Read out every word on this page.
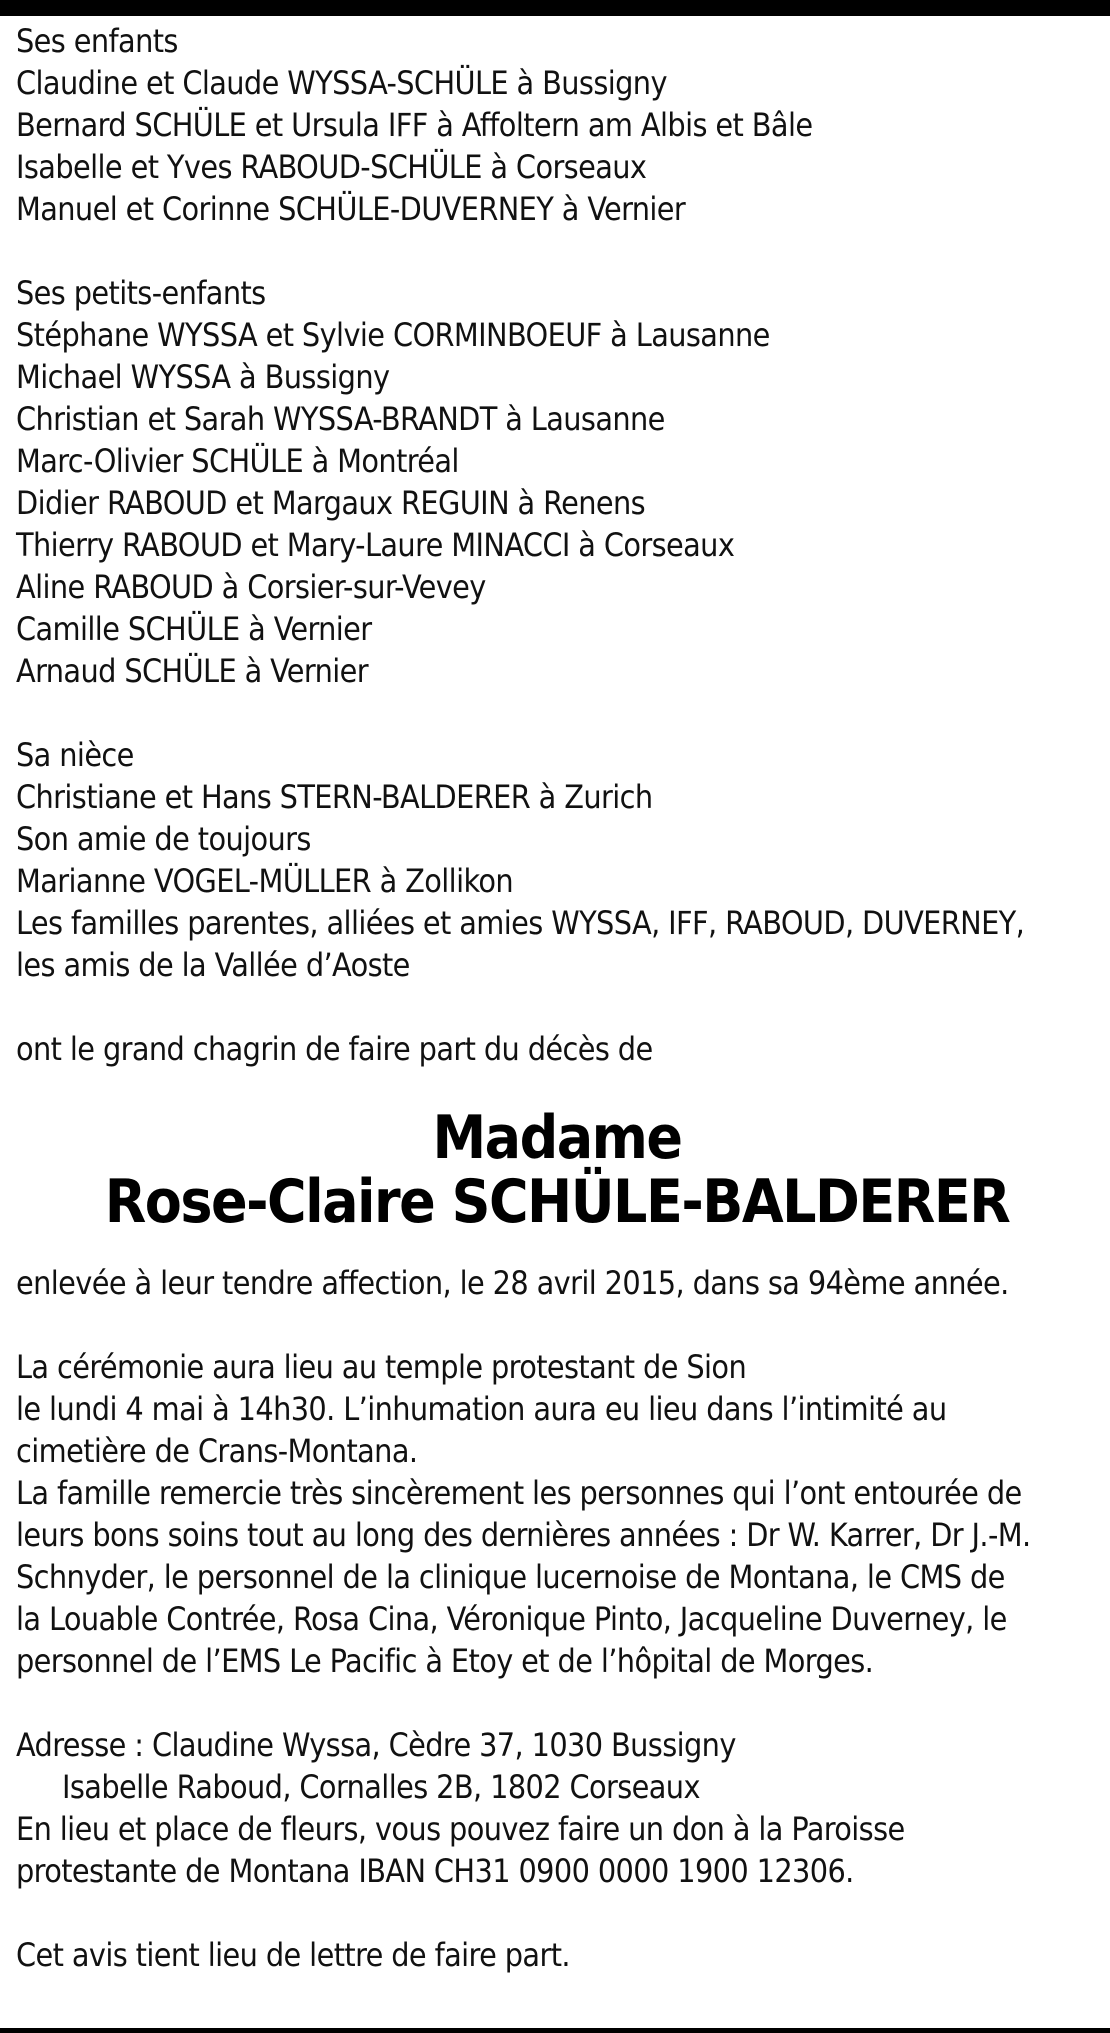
Ses enfants

Claudine et Claude WYSSA-SCHÜLE à Bussigny

Bernard SCHÜLE et Ursula IFF à Affoltern am Albis et Bâle

Isabelle et Yves RABOUD-SCHÜLE à Corseaux

Manuel et Corinne SCHÜLE-DUVERNEY à Vernier

Ses petits-enfants

Stéphane WYSSA et Sylvie CORMINBOEUF à Lausanne

Michael WYSSA à Bussigny

Christian et Sarah WYSSA-BRANDT à Lausanne

Marc-Olivier SCHÜLE à Montréal

Didier RABOUD et Margaux REGUIN à Renens

Thierry RABOUD et Mary-Laure MINACCI à Corseaux

Aline RABOUD à Corsier-sur-Vevey

Camille SCHÜLE à Vernier

Arnaud SCHÜLE à Vernier

Sa nièce

Christiane et Hans STERN-BALDERER à Zurich

Son amie de toujours

Marianne VOGEL-MÜLLER à Zollikon

Les familles parentes, alliées et amies WYSSA, IFF, RABOUD, DUVERNEY,

les amis de la Vallée d’Aoste

ont le grand chagrin de faire part du décès de

Madame
Rose-Claire SCHÜLE-BALDERER

enlevée à leur tendre affection, le 28 avril 2015, dans sa 94ème année.

La cérémonie aura lieu au temple protestant de Sion

le lundi 4 mai à 14h30. L’inhumation aura eu lieu dans l’intimité au

cimetière de Crans-Montana.

La famille remercie très sincèrement les personnes qui l’ont entourée de

leurs bons soins tout au long des dernières années : Dr W. Karrer, Dr J.-M.

Schnyder, le personnel de la clinique lucernoise de Montana, le CMS de

la Louable Contrée, Rosa Cina, Véronique Pinto, Jacqueline Duverney, le

personnel de l’EMS Le Pacific à Etoy et de l’hôpital de Morges.

Adresse : Claudine Wyssa, Cèdre 37, 1030 Bussigny

Isabelle Raboud, Cornalles 2B, 1802 Corseaux

En lieu et place de fleurs, vous pouvez faire un don à la Paroisse

protestante de Montana IBAN CH31 0900 0000 1900 12306.

Cet avis tient lieu de lettre de faire part.
